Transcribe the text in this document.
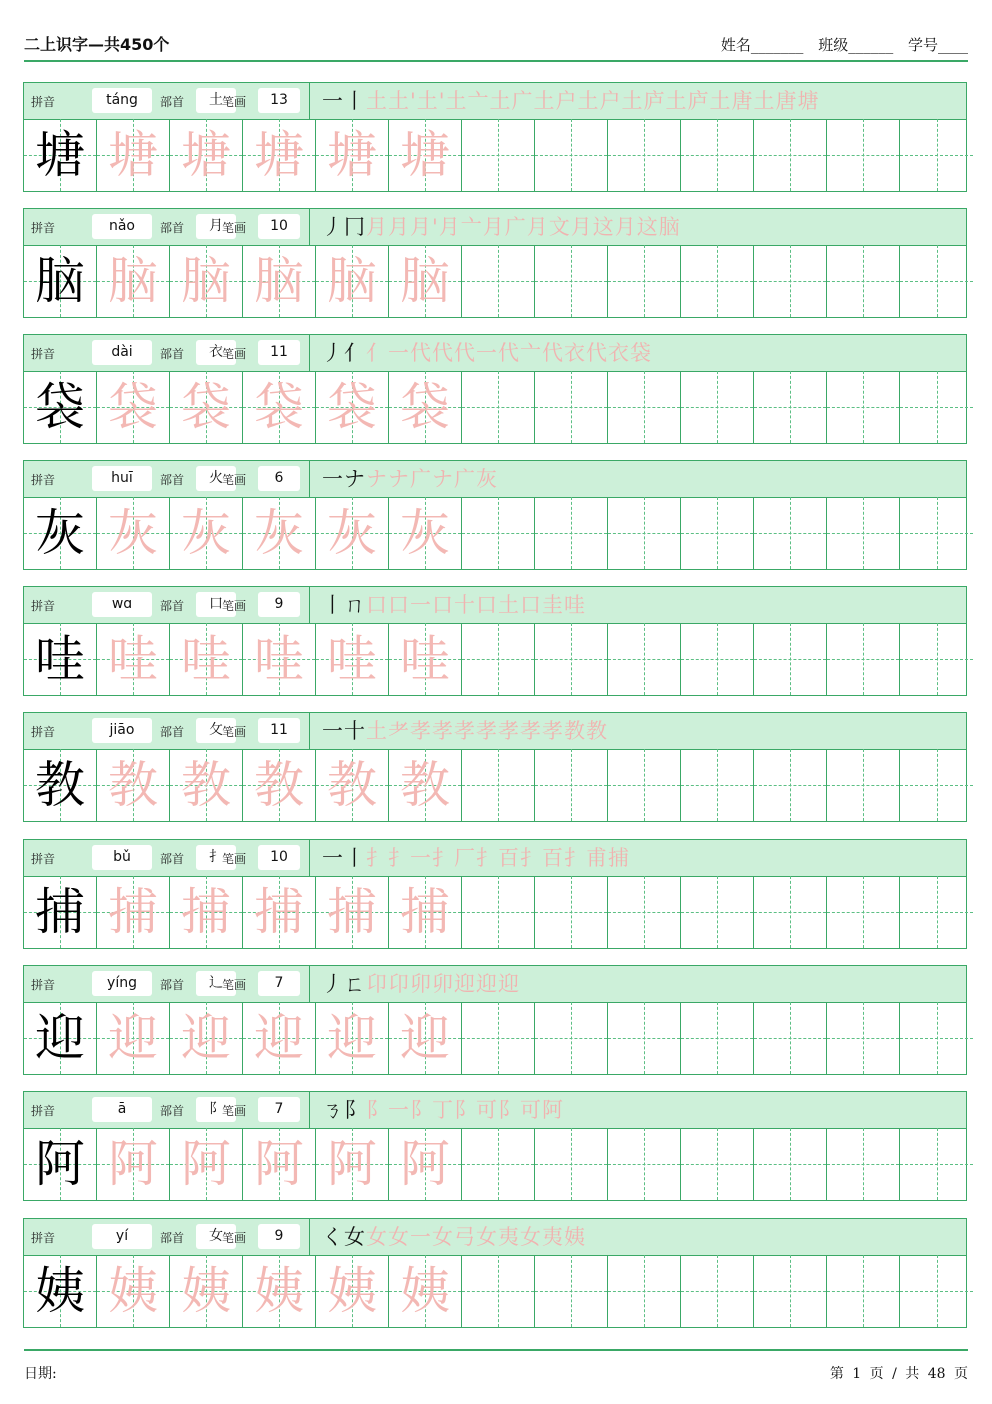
二上识字—共450个	姓名_______ 班级______ 学号____
拼音	táng	部首	土 笔画	13	一丨土土'土'土亠土广土户土户土庐土庐土唐土唐塘
塘 塘 塘 塘 塘 塘
拼音	nǎo	部首	月 笔画	10	丿冂月月月'月亠月广月文月这月这脑
脑 脑 脑 脑 脑 脑
拼音	dài	部首	衣 笔画	11	丿亻亻一代代代一代亠代衣代衣袋
袋 袋 袋 袋 袋 袋
拼音	huī	部首	火 笔画	6	一ナナナ广ナ广灰
灰 灰 灰 灰 灰 灰
拼音	wɑ	部首	口 笔画	9	丨ㄇ口口一口十口土口圭哇
哇 哇 哇 哇 哇 哇
拼音	jiāo	部首	攵 笔画	11	一十土耂孝孝孝孝孝孝孝教教
教 教 教 教 教 教
拼音	bǔ	部首	扌 笔画	10	一丨扌扌一扌厂扌百扌百扌甫捕
捕 捕 捕 捕 捕 捕
拼音	yíng	部首	辶 笔画	7	丿ㄈ卬卬卯卯迎迎迎
迎 迎 迎 迎 迎 迎
拼音	ā	部首	阝 笔画	7	ㄋ阝阝一阝丁阝可阝可阿
阿 阿 阿 阿 阿 阿
拼音	yí	部首	女 笔画	9	く女女女一女弓女夷女夷姨
姨 姨 姨 姨 姨 姨
日期:	第 1 页 / 共 48 页
